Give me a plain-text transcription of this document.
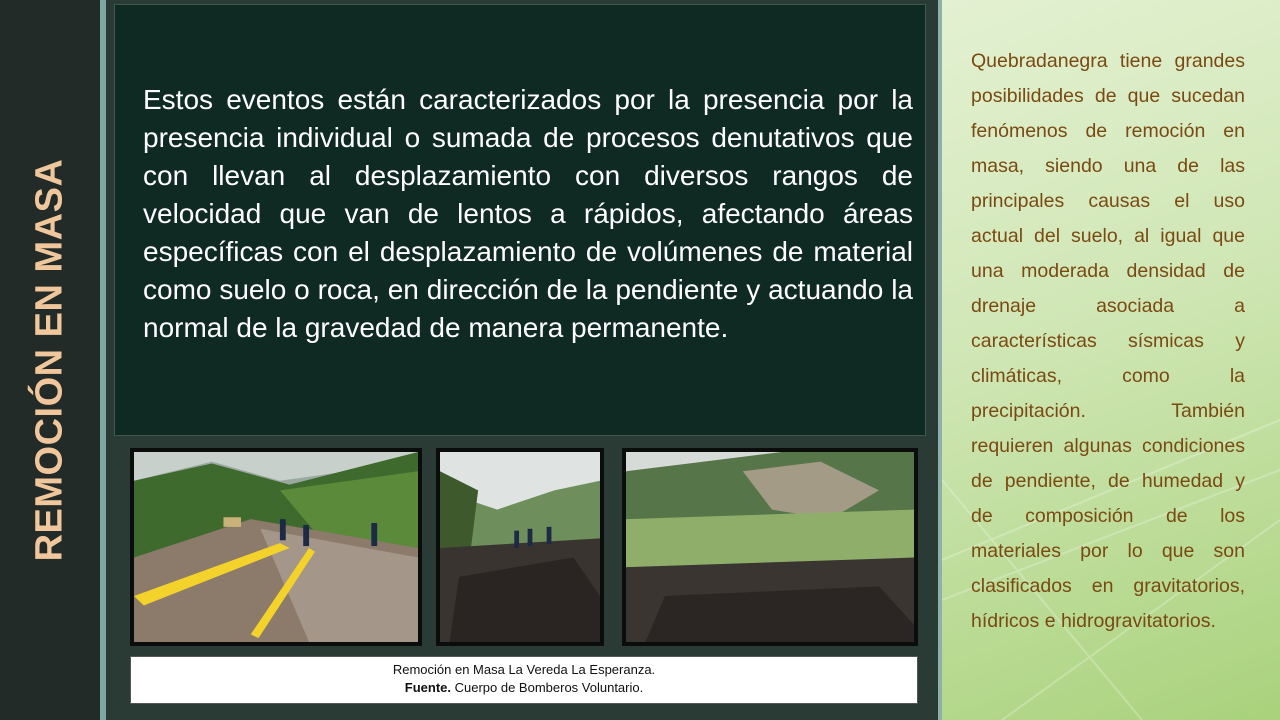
REMOCIÓN EN MASA

Estos eventos están caracterizados por la presencia por la presencia individual o sumada de procesos denutativos que con llevan al desplazamiento con diversos rangos de velocidad que van de lentos a rápidos, afectando áreas específicas con el desplazamiento de volúmenes de material como suelo o roca, en dirección de la pendiente y actuando la normal de la gravedad de manera permanente.

Remoción en Masa La Vereda La Esperanza.
Fuente. Cuerpo de Bomberos Voluntario.

Quebradanegra tiene grandes posibilidades de que sucedan fenómenos de remoción en masa, siendo una de las principales causas el uso actual del suelo, al igual que una moderada densidad de drenaje asociada a características sísmicas y climáticas, como la precipitación. También requieren algunas condiciones de pendiente, de humedad y de composición de los materiales por lo que son clasificados en gravitatorios, hídricos e hidrogravitatorios.
